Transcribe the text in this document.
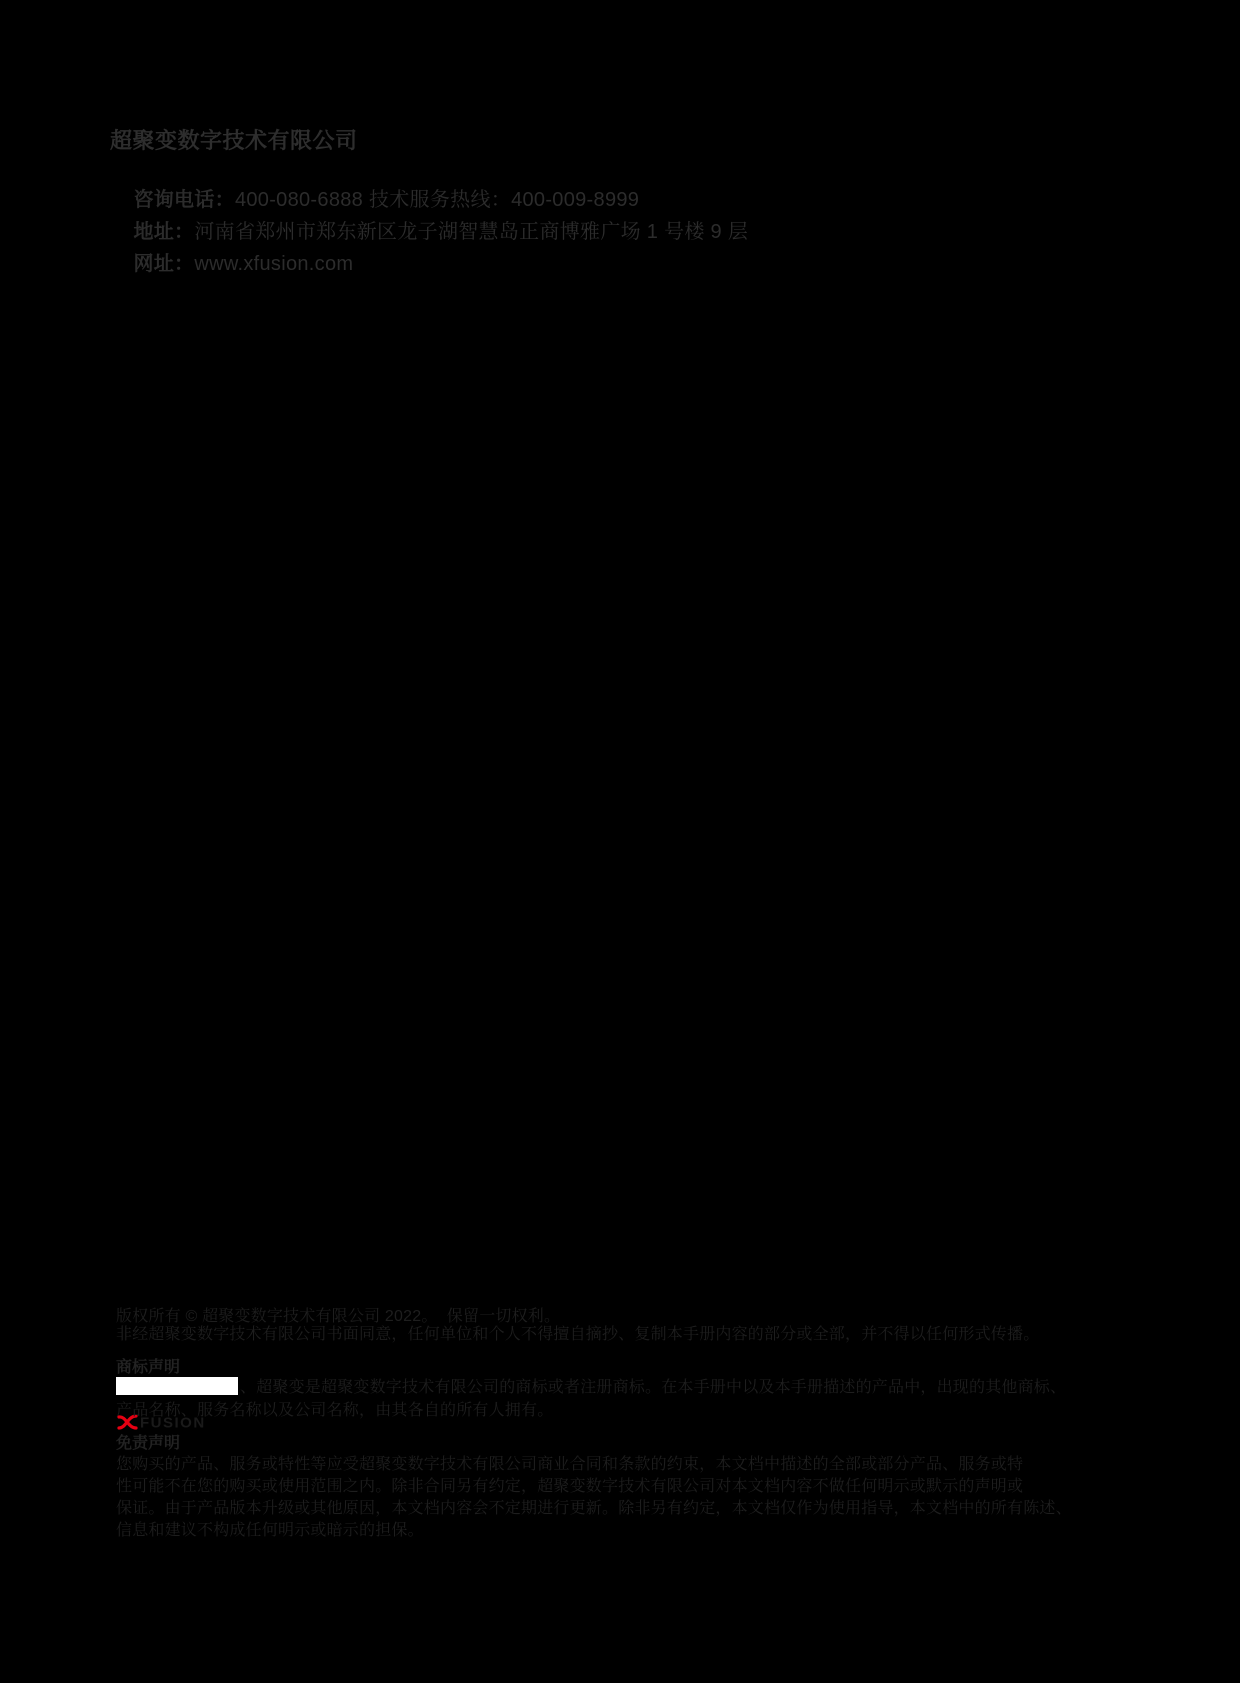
超聚变数字技术有限公司

咨询电话：400-080-6888 技术服务热线：400-009-8999

地址：河南省郑州市郑东新区龙子湖智慧岛正商博雅广场 1 号楼 9 层

网址：www.xfusion.com

版权所有 © 超聚变数字技术有限公司 2022。  保留一切权利。
非经超聚变数字技术有限公司书面同意，任何单位和个人不得擅自摘抄、复制本手册内容的部分或全部，并不得以任何形式传播。
商标声明

FUSION

、超聚变是超聚变数字技术有限公司的商标或者注册商标。在本手册中以及本手册描述的产品中，出现的其他商标、
产品名称、服务名称以及公司名称，由其各自的所有人拥有。
免责声明
您购买的产品、服务或特性等应受超聚变数字技术有限公司商业合同和条款的约束，本文档中描述的全部或部分产品、服务或特
性可能不在您的购买或使用范围之内。除非合同另有约定，超聚变数字技术有限公司对本文档内容不做任何明示或默示的声明或
保证。由于产品版本升级或其他原因，本文档内容会不定期进行更新。除非另有约定，本文档仅作为使用指导，本文档中的所有陈述、
信息和建议不构成任何明示或暗示的担保。
